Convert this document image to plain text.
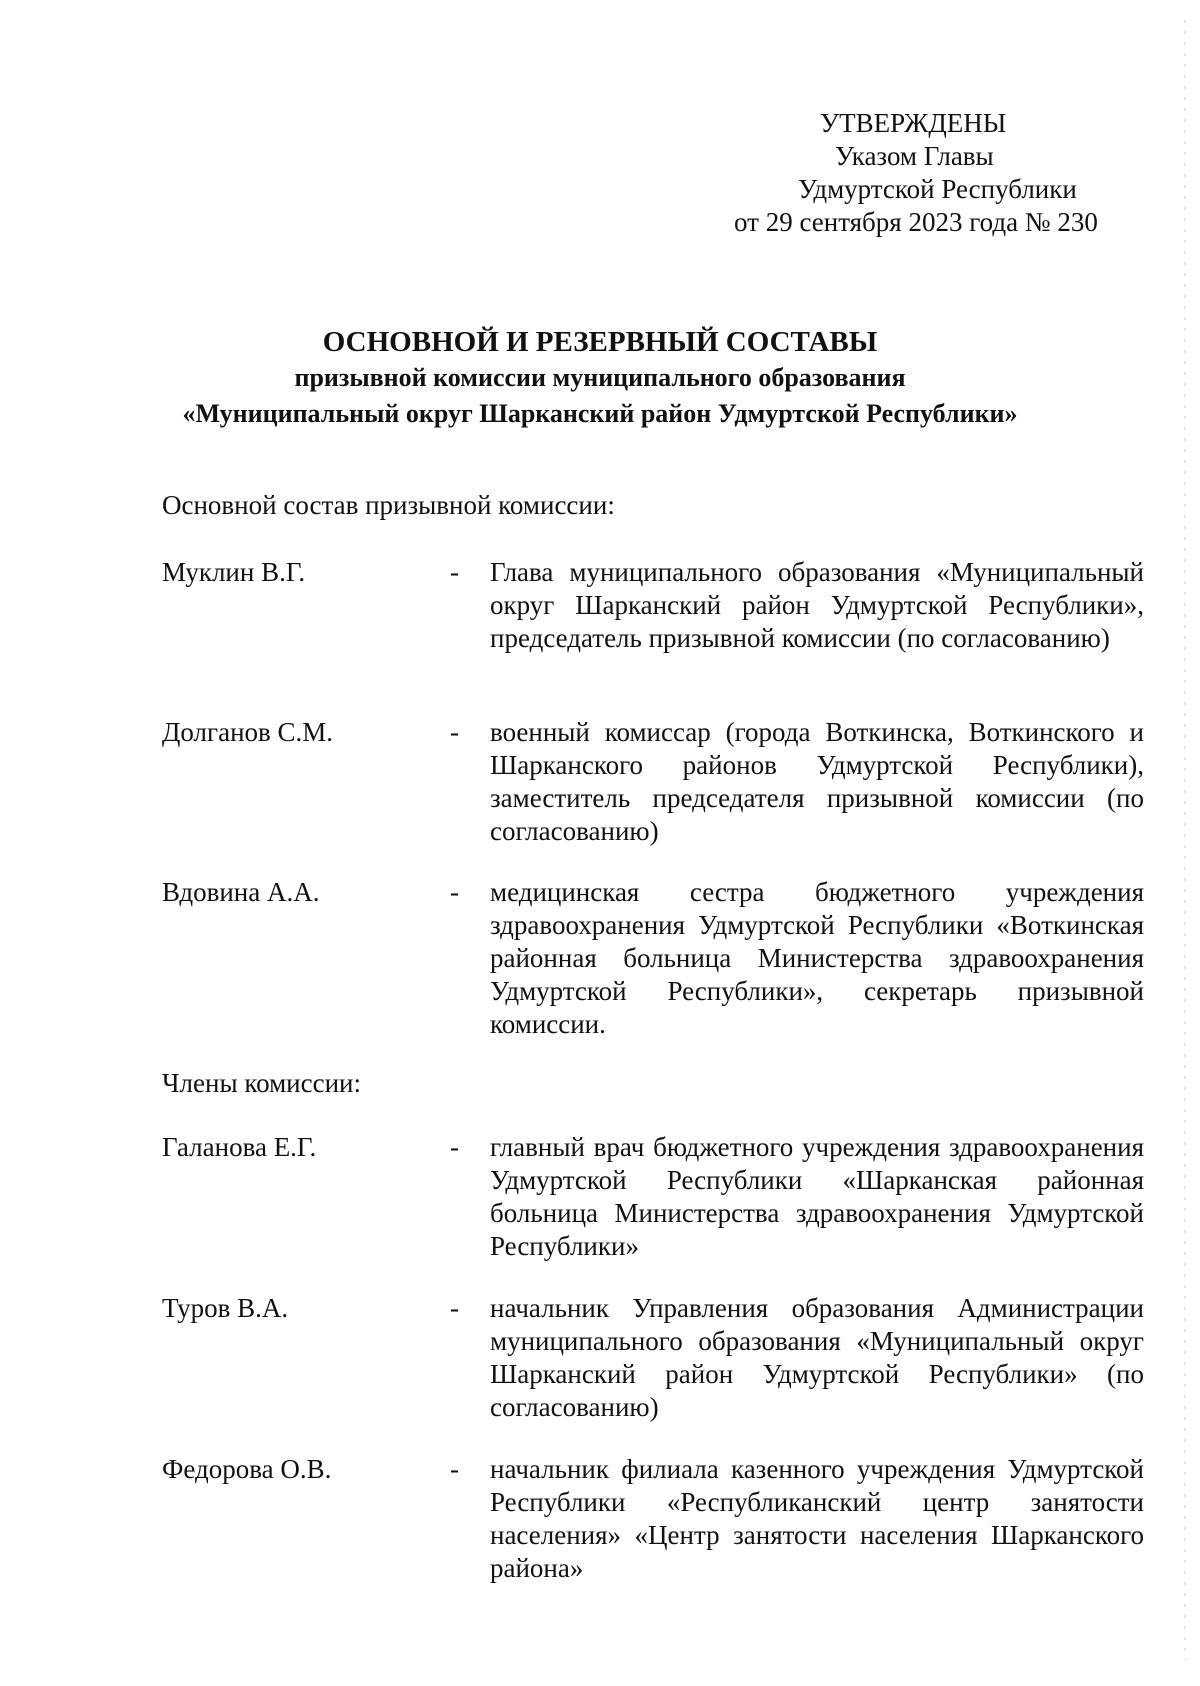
УТВЕРЖДЕНЫ
Указом Главы
Удмуртской Республики
от 29 сентября 2023 года № 230
ОСНОВНОЙ И РЕЗЕРВНЫЙ СОСТАВЫ
призывной комиссии муниципального образования
«Муниципальный округ Шарканский район Удмуртской Республики»
Основной состав призывной комиссии:
Муклин В.Г.	- Глава муниципального образования «Муниципальный округ Шарканский район Удмуртской Республики», председатель призывной комиссии (по согласованию)
Долганов С.М.	- военный комиссар (города Воткинска, Воткинского и Шарканского районов Удмуртской Республики), заместитель председателя призывной комиссии (по согласованию)
Вдовина А.А.	- медицинская сестра бюджетного учреждения здравоохранения Удмуртской Республики «Воткинская районная больница Министерства здравоохранения Удмуртской Республики», секретарь призывной комиссии.
Члены комиссии:
Галанова Е.Г.	- главный врач бюджетного учреждения здравоохранения Удмуртской Республики «Шарканская районная больница Министерства здравоохранения Удмуртской Республики»
Туров В.А.	- начальник Управления образования Администрации муниципального образования «Муниципальный округ Шарканский район Удмуртской Республики» (по согласованию)
Федорова О.В.	- начальник филиала казенного учреждения Удмуртской Республики «Республиканский центр занятости населения» «Центр занятости населения Шарканского района»
